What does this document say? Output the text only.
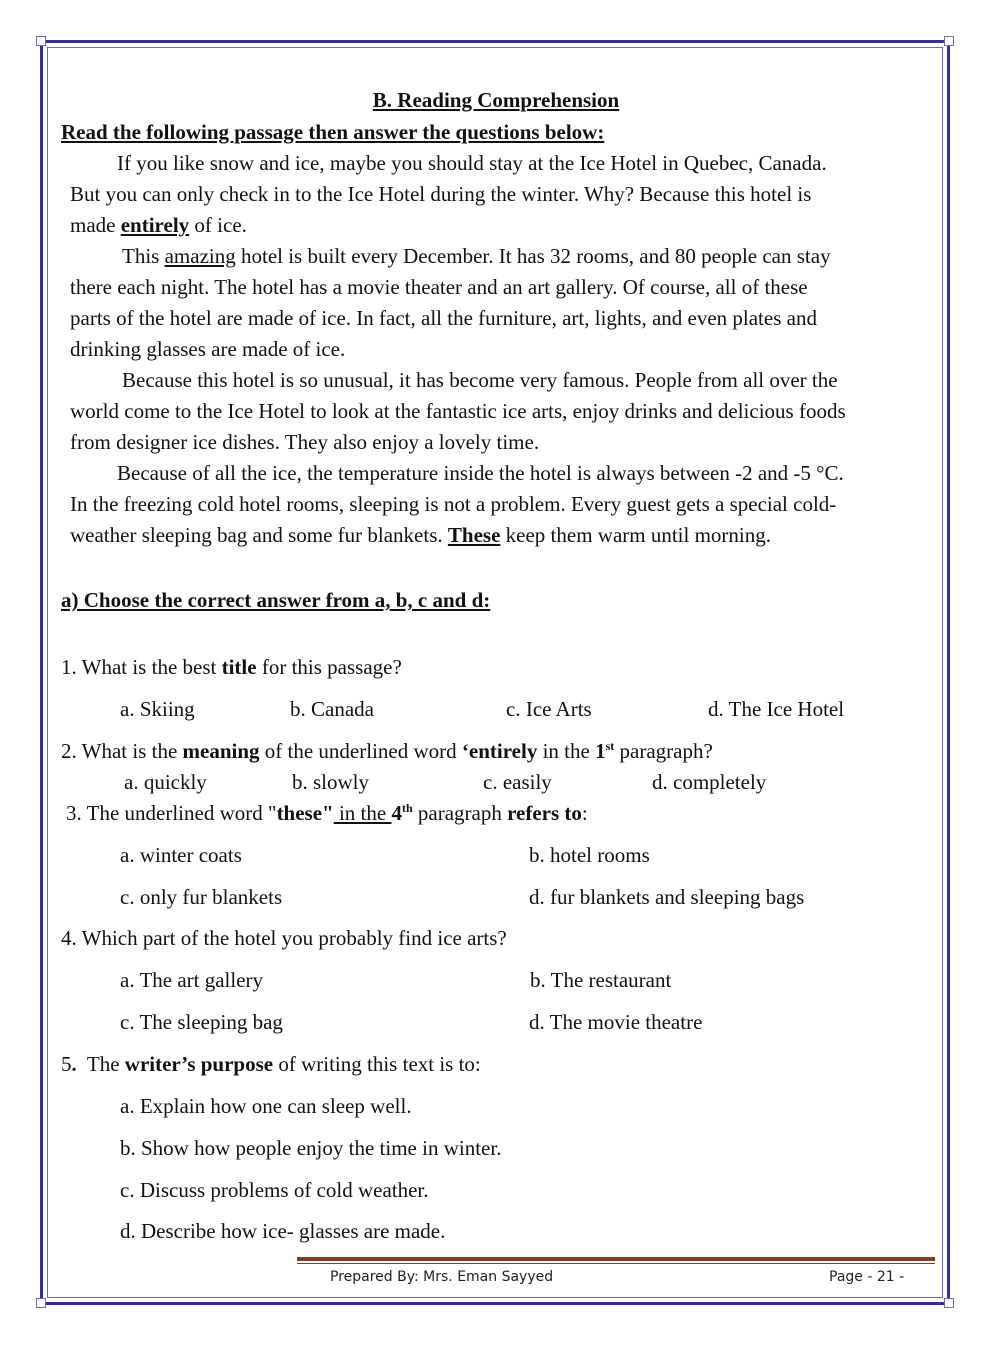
B. Reading Comprehension
Read the following passage then answer the questions below:
If you like snow and ice, maybe you should stay at the Ice Hotel in Quebec, Canada.
But you can only check in to the Ice Hotel during the winter. Why? Because this hotel is
made entirely of ice.
This amazing hotel is built every December. It has 32 rooms, and 80 people can stay
there each night. The hotel has a movie theater and an art gallery. Of course, all of these
parts of the hotel are made of ice. In fact, all the furniture, art, lights, and even plates and
drinking glasses are made of ice.
Because this hotel is so unusual, it has become very famous. People from all over the
world come to the Ice Hotel to look at the fantastic ice arts, enjoy drinks and delicious foods
from designer ice dishes. They also enjoy a lovely time.
Because of all the ice, the temperature inside the hotel is always between -2 and -5 °C.
In the freezing cold hotel rooms, sleeping is not a problem. Every guest gets a special cold-
weather sleeping bag and some fur blankets. These keep them warm until morning.
a) Choose the correct answer from a, b, c and d:
1. What is the best title for this passage?
a. Skiing	b. Canada	c. Ice Arts	d. The Ice Hotel
2. What is the meaning of the underlined word ‘entirely in the 1st paragraph?
a. quickly	b. slowly	c. easily	d. completely
3. The underlined word "these" in the 4th paragraph refers to:
a. winter coats	b. hotel rooms
c. only fur blankets	d. fur blankets and sleeping bags
4. Which part of the hotel you probably find ice arts?
a. The art gallery	b. The restaurant
c. The sleeping bag	d. The movie theatre
5.  The writer’s purpose of writing this text is to:
a. Explain how one can sleep well.
b. Show how people enjoy the time in winter.
c. Discuss problems of cold weather.
d. Describe how ice- glasses are made.
Prepared By: Mrs. Eman Sayyed	Page - 21 -
